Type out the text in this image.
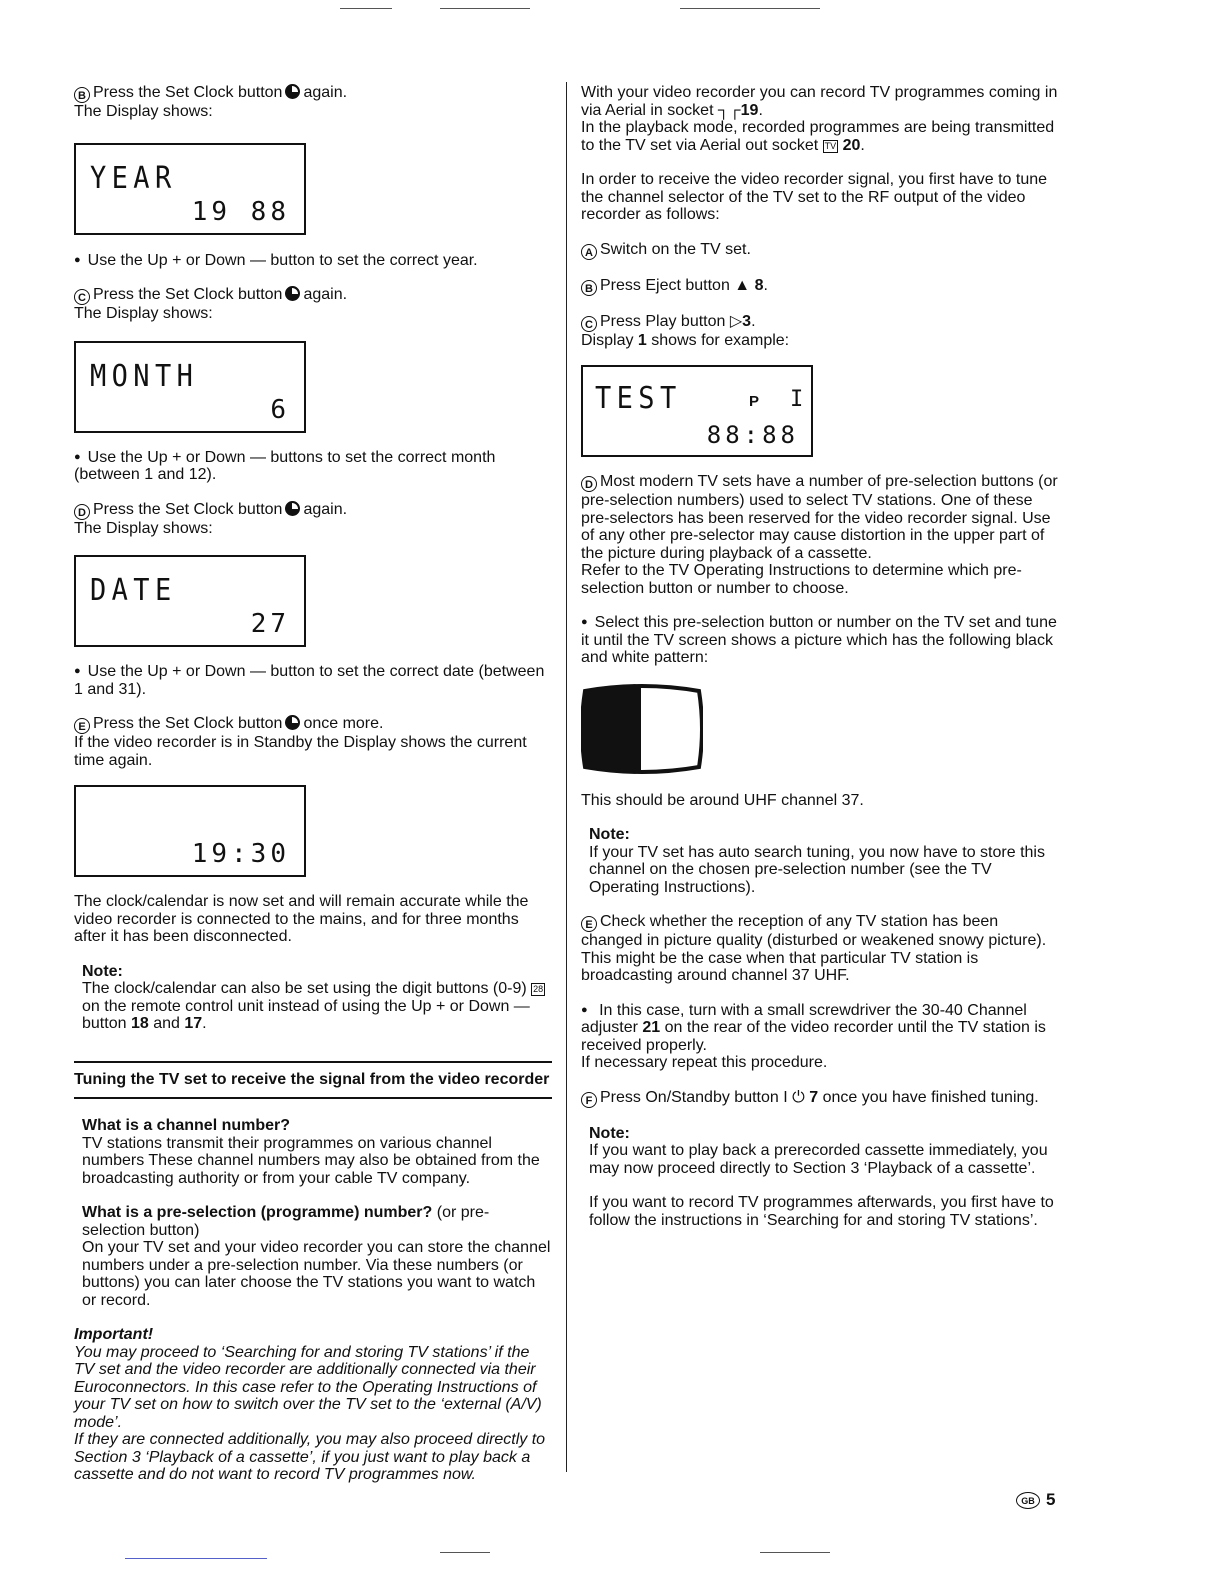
B Press the Set Clock button again.

The Display shows:

YEAR
19 88

● Use the Up + or Down — button to set the correct year.

C Press the Set Clock button again.

The Display shows:

MONTH
6

● Use the Up + or Down — buttons to set the correct month (between 1 and 12).

D Press the Set Clock button again.

The Display shows:

DATE
27

● Use the Up + or Down — button to set the correct date (between 1 and 31).

E Press the Set Clock button once more.

If the video recorder is in Standby the Display shows the current time again.

19:30

The clock/calendar is now set and will remain accurate while the video recorder is connected to the mains, and for three months after it has been disconnected.

Note:

The clock/calendar can also be set using the digit buttons (0-9) 28 on the remote control unit instead of using the Up + or Down — button 18 and 17.

Tuning the TV set to receive the signal from the video recorder

What is a channel number?

TV stations transmit their programmes on various channel numbers These channel numbers may also be obtained from the broadcasting authority or from your cable TV company.

What is a pre-selection (programme) number? (or pre-selection button)

On your TV set and your video recorder you can store the channel numbers under a pre-selection number. Via these numbers (or buttons) you can later choose the TV stations you want to watch or record.

Important!

You may proceed to ‘Searching for and storing TV stations’ if the TV set and the video recorder are additionally connected via their Euroconnectors. In this case refer to the Operating Instructions of your TV set on how to switch over the TV set to the ‘external (A/V) mode’.

If they are connected additionally, you may also proceed directly to Section 3 ‘Playback of a cassette’, if you just want to play back a cassette and do not want to record TV programmes now.

With your video recorder you can record TV programmes coming in via Aerial in socket ┐┌19.

In the playback mode, recorded programmes are being transmitted to the TV set via Aerial out socket TV 20.

In order to receive the video recorder signal, you first have to tune the channel selector of the TV set to the RF output of the video recorder as follows:

A Switch on the TV set.

B Press Eject button ▲ 8.

C Press Play button ▷3.

Display 1 shows for example:

TEST	P I
88:88

D Most modern TV sets have a number of pre-selection buttons (or pre-selection numbers) used to select TV stations. One of these pre-selectors has been reserved for the video recorder signal. Use of any other pre-selector may cause distortion in the upper part of the picture during playback of a cassette.

Refer to the TV Operating Instructions to determine which pre-selection button or number to choose.

● Select this pre-selection button or number on the TV set and tune it until the TV screen shows a picture which has the following black and white pattern:

This should be around UHF channel 37.

Note:

If your TV set has auto search tuning, you now have to store this channel on the chosen pre-selection number (see the TV Operating Instructions).

E Check whether the reception of any TV station has been changed in picture quality (disturbed or weakened snowy picture). This might be the case when that particular TV station is broadcasting around channel 37 UHF.

● In this case, turn with a small screwdriver the 30-40 Channel adjuster 21 on the rear of the video recorder until the TV station is received properly.

If necessary repeat this procedure.

F Press On/Standby button I ⏻ 7 once you have finished tuning.

Note:

If you want to play back a prerecorded cassette immediately, you may now proceed directly to Section 3 ‘Playback of a cassette’.

If you want to record TV programmes afterwards, you first have to follow the instructions in ‘Searching for and storing TV stations’.

GB 5
